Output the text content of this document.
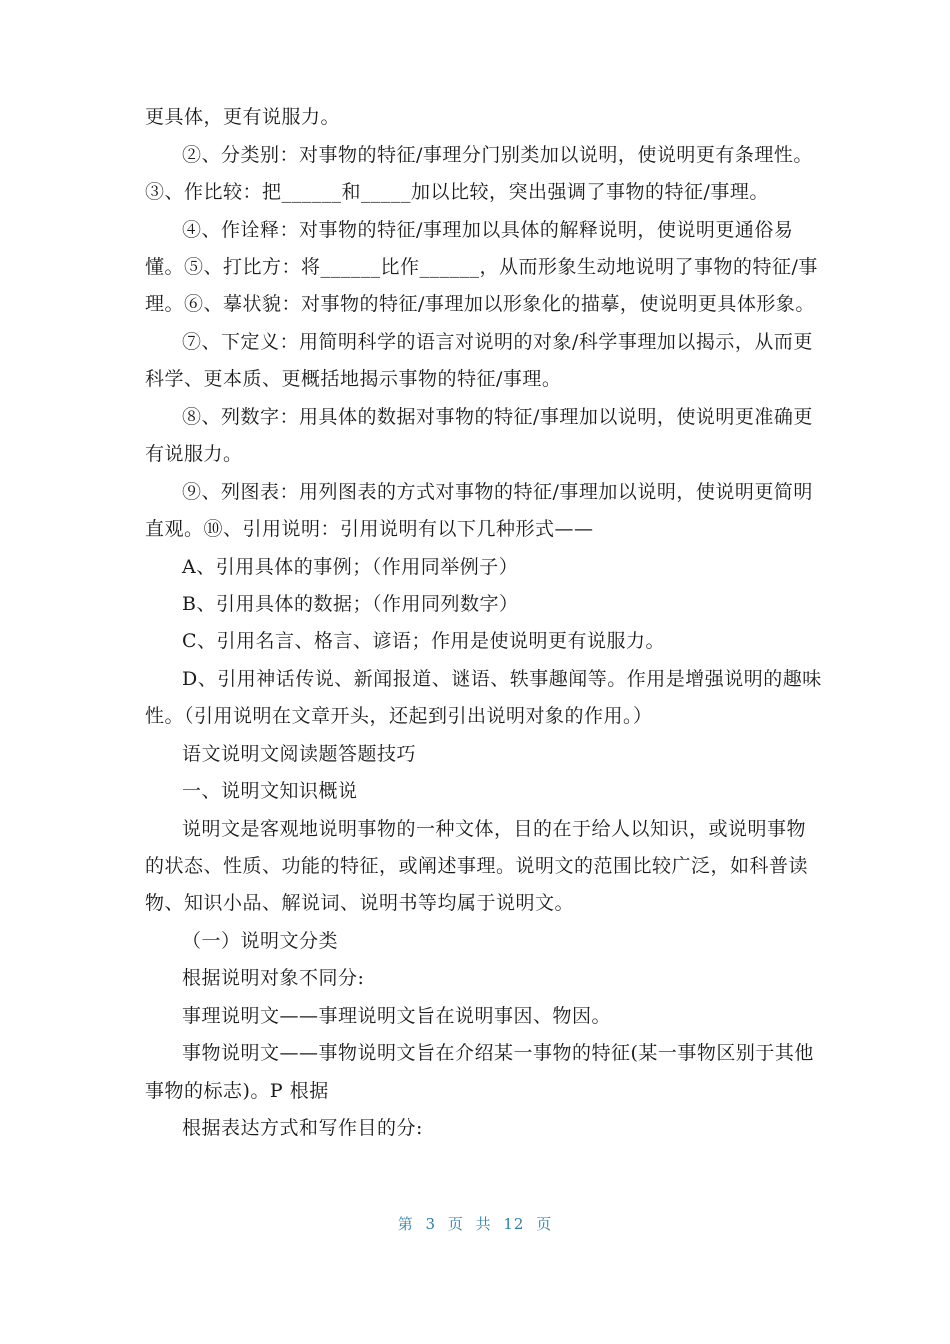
更具体，更有说服力。
②、分类别：对事物的特征/事理分门别类加以说明，使说明更有条理性。
③、作比较：把______和_____加以比较，突出强调了事物的特征/事理。
④、作诠释：对事物的特征/事理加以具体的解释说明，使说明更通俗易
懂。⑤、打比方：将______比作______，从而形象生动地说明了事物的特征/事
理。⑥、摹状貌：对事物的特征/事理加以形象化的描摹，使说明更具体形象。
⑦、下定义：用简明科学的语言对说明的对象/科学事理加以揭示，从而更
科学、更本质、更概括地揭示事物的特征/事理。
⑧、列数字：用具体的数据对事物的特征/事理加以说明，使说明更准确更
有说服力。
⑨、列图表：用列图表的方式对事物的特征/事理加以说明，使说明更简明
直观。⑩、引用说明：引用说明有以下几种形式——
A、引用具体的事例；（作用同举例子）
B、引用具体的数据；（作用同列数字）
C、引用名言、格言、谚语；作用是使说明更有说服力。
D、引用神话传说、新闻报道、谜语、轶事趣闻等。作用是增强说明的趣味
性。（引用说明在文章开头，还起到引出说明对象的作用。）
语文说明文阅读题答题技巧
一、说明文知识概说
说明文是客观地说明事物的一种文体，目的在于给人以知识，或说明事物
的状态、性质、功能的特征，或阐述事理。说明文的范围比较广泛，如科普读
物、知识小品、解说词、说明书等均属于说明文。
（一）说明文分类
根据说明对象不同分:
事理说明文——事理说明文旨在说明事因、物因。
事物说明文——事物说明文旨在介绍某一事物的特征(某一事物区别于其他
事物的标志)。P 根据
根据表达方式和写作目的分:
第 3 页 共 12 页
